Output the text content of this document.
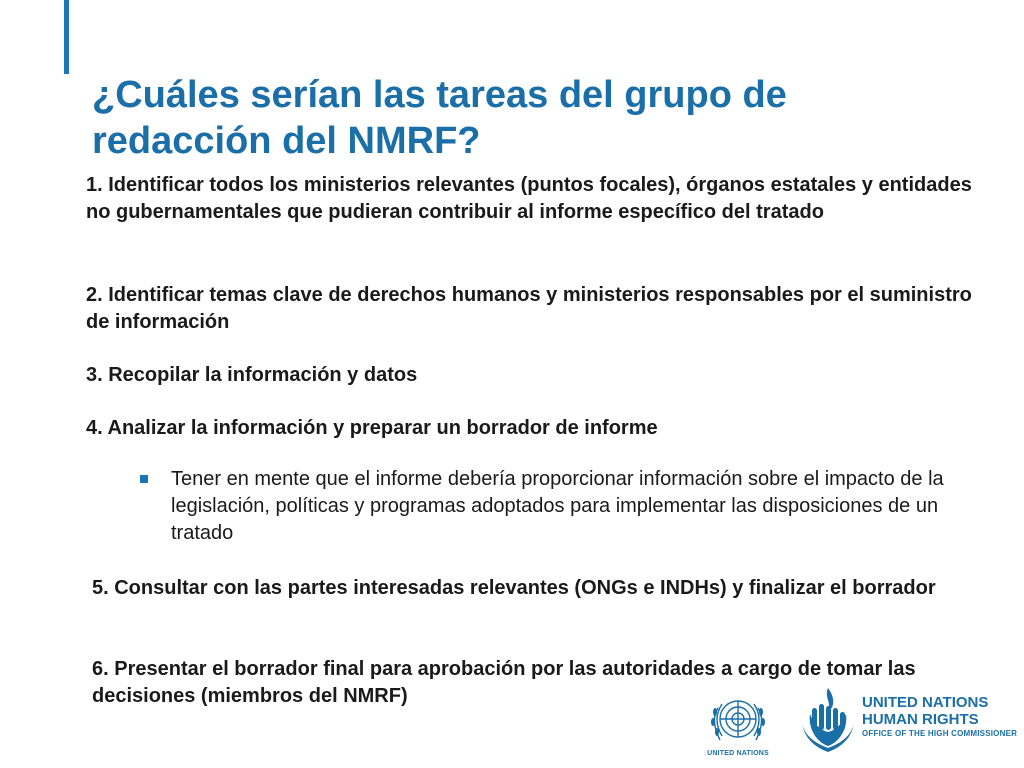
¿Cuáles serían las tareas del grupo de
redacción del NMRF?

1. Identificar todos los ministerios relevantes (puntos focales), órganos estatales y entidades no gubernamentales que pudieran contribuir al informe específico del tratado

2. Identificar temas clave de derechos humanos y ministerios responsables por el suministro de información

3. Recopilar la información y datos

4. Analizar la información y preparar un borrador de informe

Tener en mente que el informe debería proporcionar información sobre el impacto de la legislación, políticas y programas adoptados para implementar las disposiciones de un tratado

5. Consultar con las partes interesadas relevantes (ONGs e INDHs) y finalizar el borrador

6. Presentar el borrador final para aprobación por las autoridades a cargo de tomar las decisiones (miembros del NMRF)

UNITED NATIONS
UNITED NATIONS
HUMAN RIGHTS
OFFICE OF THE HIGH COMMISSIONER
